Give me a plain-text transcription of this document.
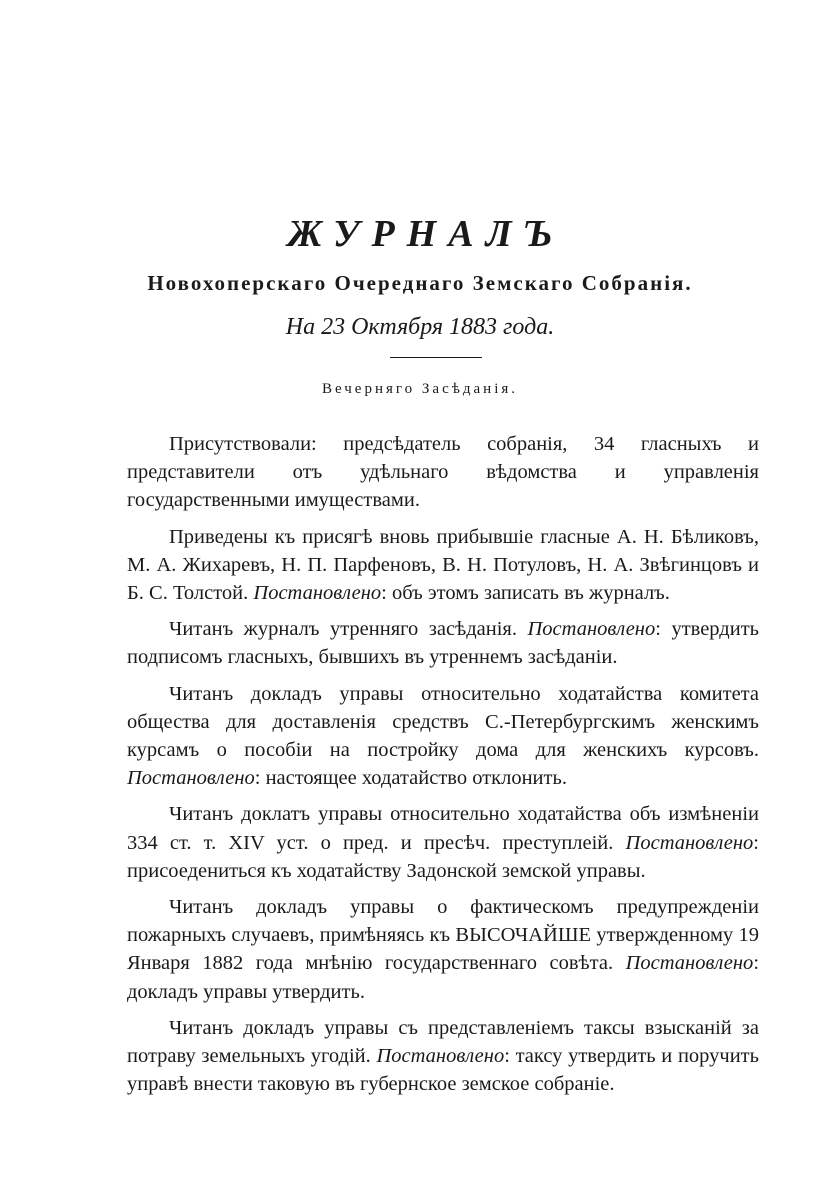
ЖУРНАЛЪ
Новохоперскаго Очереднаго Земскаго Собранія.
На 23 Октября 1883 года.
Вечерняго Засѣданія.

Присутствовали: предсѣдатель собранія, 34 гласныхъ и представители отъ удѣльнаго вѣдомства и управленія государственными имуществами.

Приведены къ присягѣ вновь прибывшіе гласные А. Н. Бѣликовъ, М. А. Жихаревъ, Н. П. Парфеновъ, В. Н. Потуловъ, Н. А. Звѣгинцовъ и Б. С. Толстой. Постановлено: объ этомъ записать въ журналъ.

Читанъ журналъ утренняго засѣданія. Постановлено: утвердить подписомъ гласныхъ, бывшихъ въ утреннемъ засѣданіи.

Читанъ докладъ управы относительно ходатайства комитета общества для доставленія средствъ С.-Петербургскимъ женскимъ курсамъ о пособіи на постройку дома для женскихъ курсовъ. Постановлено: настоящее ходатайство отклонить.

Читанъ доклатъ управы относительно ходатайства объ измѣненіи 334 ст. т. XIV уст. о пред. и пресѣч. преступлеій. Постановлено: присоедениться къ ходатайству Задонской земской управы.

Читанъ докладъ управы о фактическомъ предупрежденіи пожарныхъ случаевъ, примѣняясь къ ВЫСОЧАЙШЕ утвержденному 19 Января 1882 года мнѣнію государственнаго совѣта. Постановлено: докладъ управы утвердить.

Читанъ докладъ управы съ представленіемъ таксы взысканій за потраву земельныхъ угодій. Постановлено: таксу утвердить и поручить управѣ внести таковую въ губернское земское собраніе.
